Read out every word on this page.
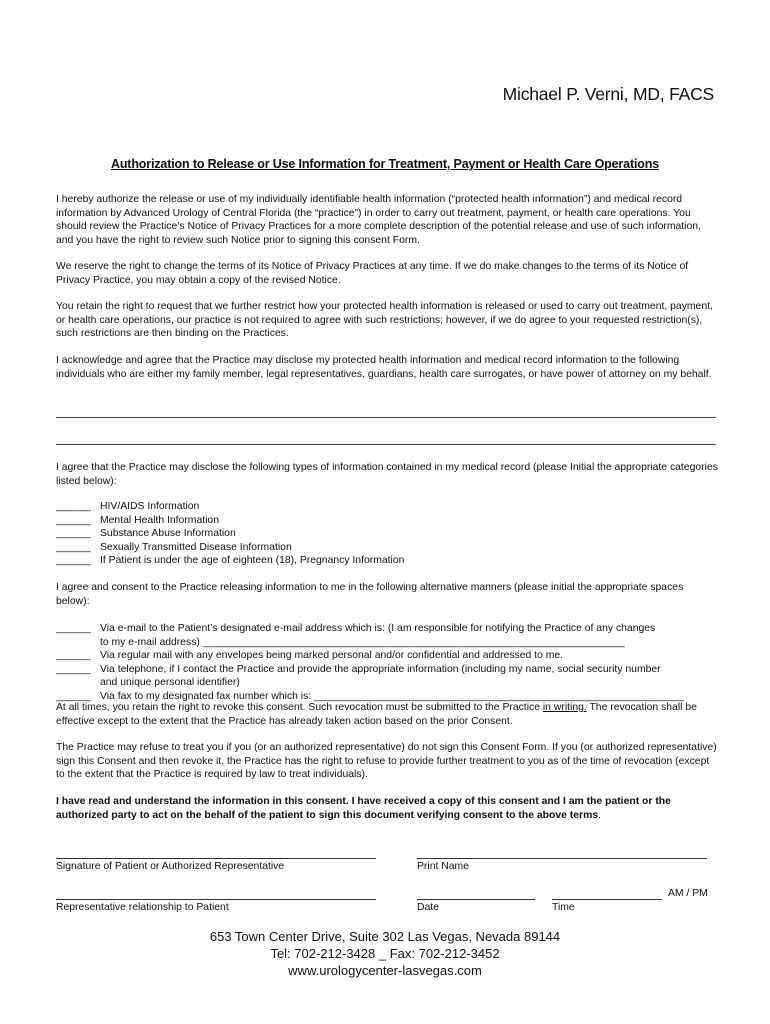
Michael P. Verni, MD, FACS
Authorization to Release or Use Information for Treatment, Payment or Health Care Operations
I hereby authorize the release or use of my individually identifiable health information (“protected health information”) and medical record information by Advanced Urology of Central Florida (the “practice”) in order to carry out treatment, payment, or health care operations. You should review the Practice’s Notice of Privacy Practices for a more complete description of the potential release and use of such information, and you have the right to review such Notice prior to signing this consent Form.
We reserve the right to change the terms of its Notice of Privacy Practices at any time. If we do make changes to the terms of its Notice of Privacy Practice, you may obtain a copy of the revised Notice.
You retain the right to request that we further restrict how your protected health information is released or used to carry out treatment, payment, or health care operations, our practice is not required to agree with such restrictions; however, if we do agree to your requested restriction(s), such restrictions are then binding on the Practices.
I acknowledge and agree that the Practice may disclose my protected health information and medical record information to the following individuals who are either my family member, legal representatives, guardians, health care surrogates, or have power of attorney on my behalf.
I agree that the Practice may disclose the following types of information contained in my medical record (please Initial the appropriate categories listed below):
______ HIV/AIDS Information
______ Mental Health Information
______ Substance Abuse Information
______ Sexually Transmitted Disease Information
______ If Patient is under the age of eighteen (18), Pregnancy Information
I agree and consent to the Practice releasing information to me in the following alternative manners (please initial the appropriate spaces below):
______ Via e-mail to the Patient’s designated e-mail address which is: (I am responsible for notifying the Practice of any changes
to my e-mail address) _________________________________________________________________________
______ Via regular mail with any envelopes being marked personal and/or confidential and addressed to me.
______ Via telephone, if I contact the Practice and provide the appropriate information (including my name, social security number
and unique personal identifier)
______ Via fax to my designated fax number which is: ________________________________________________________________
At all times, you retain the right to revoke this consent. Such revocation must be submitted to the Practice in writing. The revocation shall be effective except to the extent that the Practice has already taken action based on the prior Consent.
The Practice may refuse to treat you if you (or an authorized representative) do not sign this Consent Form. If you (or authorized representative) sign this Consent and then revoke it, the Practice has the right to refuse to provide further treatment to you as of the time of revocation (except to the extent that the Practice is required by law to treat individuals).
I have read and understand the information in this consent. I have received a copy of this consent and I am the patient or the authorized party to act on the behalf of the patient to sign this document verifying consent to the above terms.
Signature of Patient or Authorized Representative	Print Name
Representative relationship to Patient	Date	Time
AM / PM
653 Town Center Drive, Suite 302 Las Vegas, Nevada 89144
Tel: 702-212-3428 _ Fax: 702-212-3452
www.urologycenter-lasvegas.com
